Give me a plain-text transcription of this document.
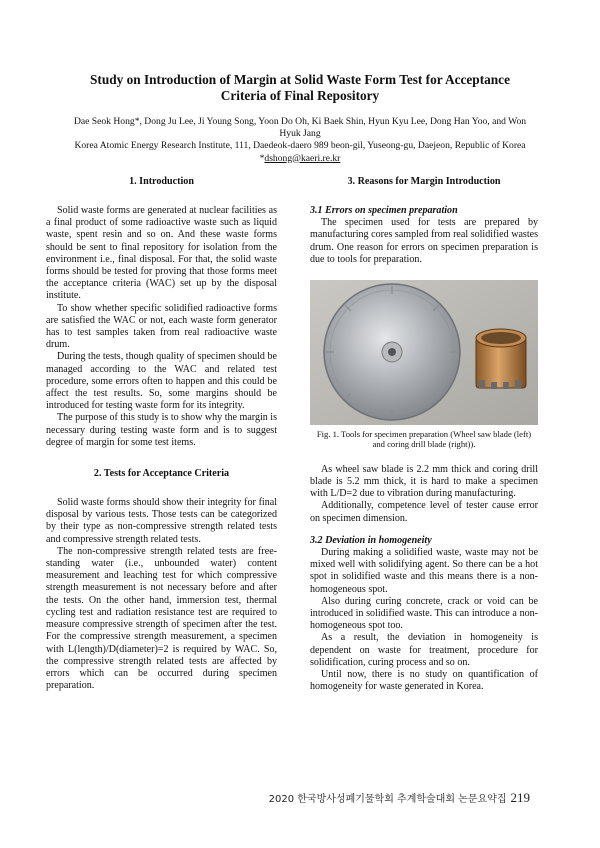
Study on Introduction of Margin at Solid Waste Form Test for Acceptance Criteria of Final Repository
Dae Seok Hong*, Dong Ju Lee, Ji Young Song, Yoon Do Oh, Ki Baek Shin, Hyun Kyu Lee, Dong Han Yoo, and Won Hyuk Jang
Korea Atomic Energy Research Institute, 111, Daedeok-daero 989 beon-gil, Yuseong-gu, Daejeon, Republic of Korea
*dshong@kaeri.re.kr
1. Introduction

Solid waste forms are generated at nuclear facilities as a final product of some radioactive waste such as liquid waste, spent resin and so on. And these waste forms should be sent to final repository for isolation from the environment i.e., final disposal. For that, the solid waste forms should be tested for proving that those forms meet the acceptance criteria (WAC) set up by the disposal institute.

To show whether specific solidified radioactive forms are satisfied the WAC or not, each waste form generator has to test samples taken from real radioactive waste drum.

During the tests, though quality of specimen should be managed according to the WAC and related test procedure, some errors often to happen and this could be affect the test results. So, some margins should be introduced for testing waste form for its integrity.

The purpose of this study is to show why the margin is necessary during testing waste form and is to suggest degree of margin for some test items.

2. Tests for Acceptance Criteria

Solid waste forms should show their integrity for final disposal by various tests. Those tests can be categorized by their type as non-compressive strength related tests and compressive strength related tests.

The non-compressive strength related tests are free-standing water (i.e., unbounded water) content measurement and leaching test for which compressive strength measurement is not necessary before and after the tests. On the other hand, immersion test, thermal cycling test and radiation resistance test are required to measure compressive strength of specimen after the test. For the compressive strength measurement, a specimen with L(length)/D(diameter)=2 is required by WAC. So, the compressive strength related tests are affected by errors which can be occurred during specimen preparation.

3. Reasons for Margin Introduction
3.1 Errors on specimen preparation

The specimen used for tests are prepared by manufacturing cores sampled from real solidified wastes drum. One reason for errors on specimen preparation is due to tools for preparation.

Fig. 1. Tools for specimen preparation (Wheel saw blade (left) and coring drill blade (right)).

As wheel saw blade is 2.2 mm thick and coring drill blade is 5.2 mm thick, it is hard to make a specimen with L/D=2 due to vibration during manufacturing.

Additionally, competence level of tester cause error on specimen dimension.

3.2 Deviation in homogeneity

During making a solidified waste, waste may not be mixed well with solidifying agent. So there can be a hot spot in solidified waste and this means there is a non-homogeneous spot.

Also during curing concrete, crack or void can be introduced in solidified waste. This can introduce a non-homogeneous spot too.

As a result, the deviation in homogeneity is dependent on waste for treatment, procedure for solidification, curing process and so on.

Until now, there is no study on quantification of homogeneity for waste generated in Korea.

2020 한국방사성폐기물학회 추계학술대회 논문요약집 219
